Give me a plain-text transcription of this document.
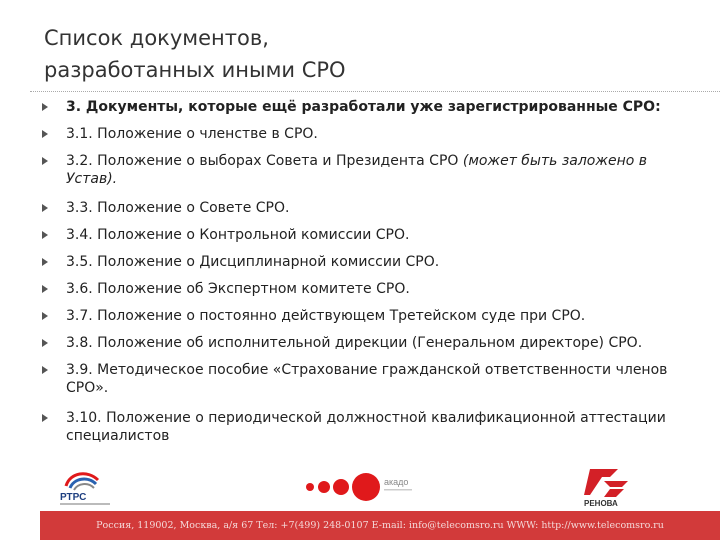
Список документов,
разработанных иными СРО
3. Документы, которые ещё разработали уже зарегистрированные СРО:
3.1. Положение о членстве в СРО.
3.2. Положение о выборах Совета и Президента СРО (может быть заложено в Устав).
3.3. Положение о Совете СРО.
3.4. Положение о Контрольной комиссии СРО.
3.5. Положение о Дисциплинарной комиссии СРО.
3.6. Положение об Экспертном комитете СРО.
3.7. Положение о постоянно действующем Третейском суде при СРО.
3.8. Положение об исполнительной дирекции (Генеральном директоре) СРО.
3.9. Методическое пособие «Страхование гражданской ответственности членов СРО».
3.10. Положение о периодической должностной квалификационной аттестации специалистов
РТРС
акадо
РЕНОВА
Россия, 119002, Москва, а/я 67 Тел: +7(499) 248-0107 E-mail: info@telecomsro.ru WWW: http://www.telecomsro.ru
